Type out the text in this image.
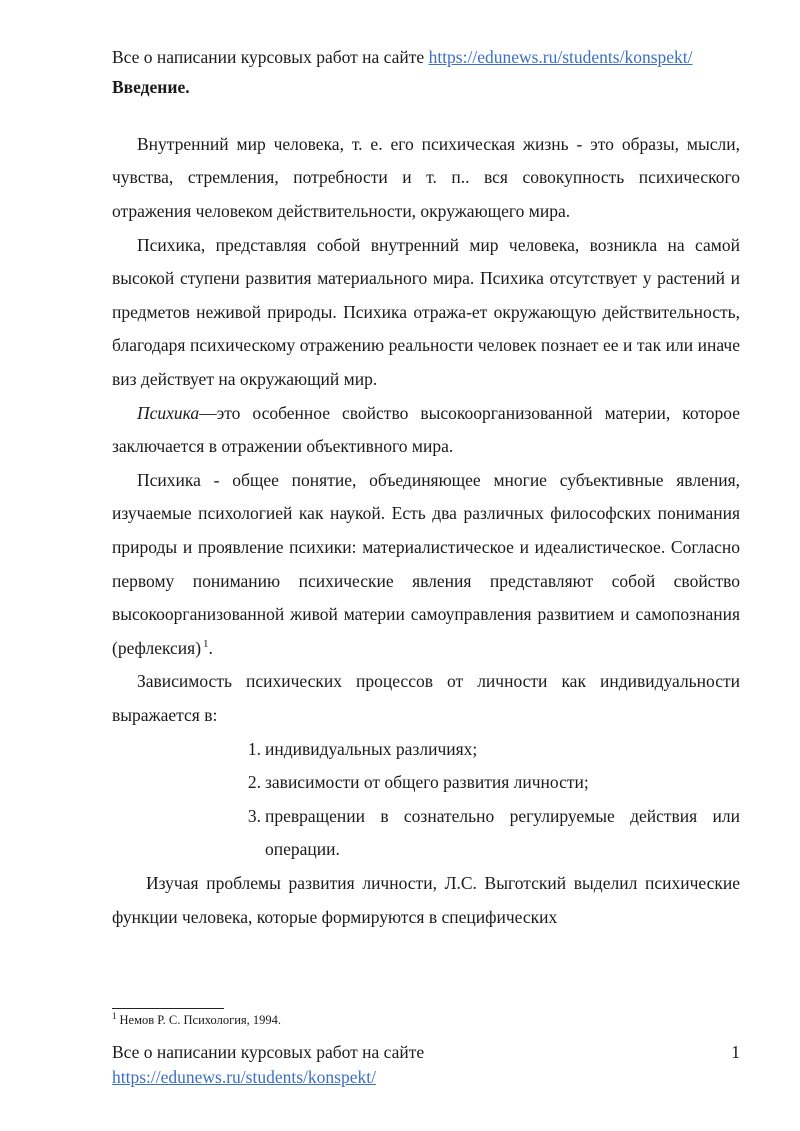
Все о написании курсовых работ на сайте https://edunews.ru/students/konspekt/
Введение.

Внутренний мир человека, т. е. его психическая жизнь - это образы, мысли, чувства, стремления, потребности и т. п.. вся совокупность психического отражения человеком действительности, окружающего мира.

Психика, представляя собой внутренний мир человека, возникла на самой высокой ступени развития материального мира. Психика отсутствует у растений и предметов неживой природы. Психика отража-ет окружающую действительность, благодаря психическому отражению реальности человек познает ее и так или иначе виз действует на окружающий мир.

Психика—это особенное свойство высокоорганизованной материи, которое заключается в отражении объективного мира.

Психика - общее понятие, объединяющее многие субъективные явления, изучаемые психологией как наукой. Есть два различных философских понимания природы и проявление психики: материалистическое и идеалистическое. Согласно первому пониманию психические явления представляют собой свойство высокоорганизованной живой материи самоуправления развитием и самопознания (рефлексия) $^1$.

Зависимость психических процессов от личности как индивидуальности выражается в:

1. индивидуальных различиях;
2. зависимости от общего развития личности;
3. превращении в сознательно регулируемые действия или операции.

Изучая проблемы развития личности, Л.С. Выготский выделил психические функции человека, которые формируются в специфических

$^1$ Немов Р. С. Психология, 1994.

Все о написании курсовых работ на сайте	1
https://edunews.ru/students/konspekt/
